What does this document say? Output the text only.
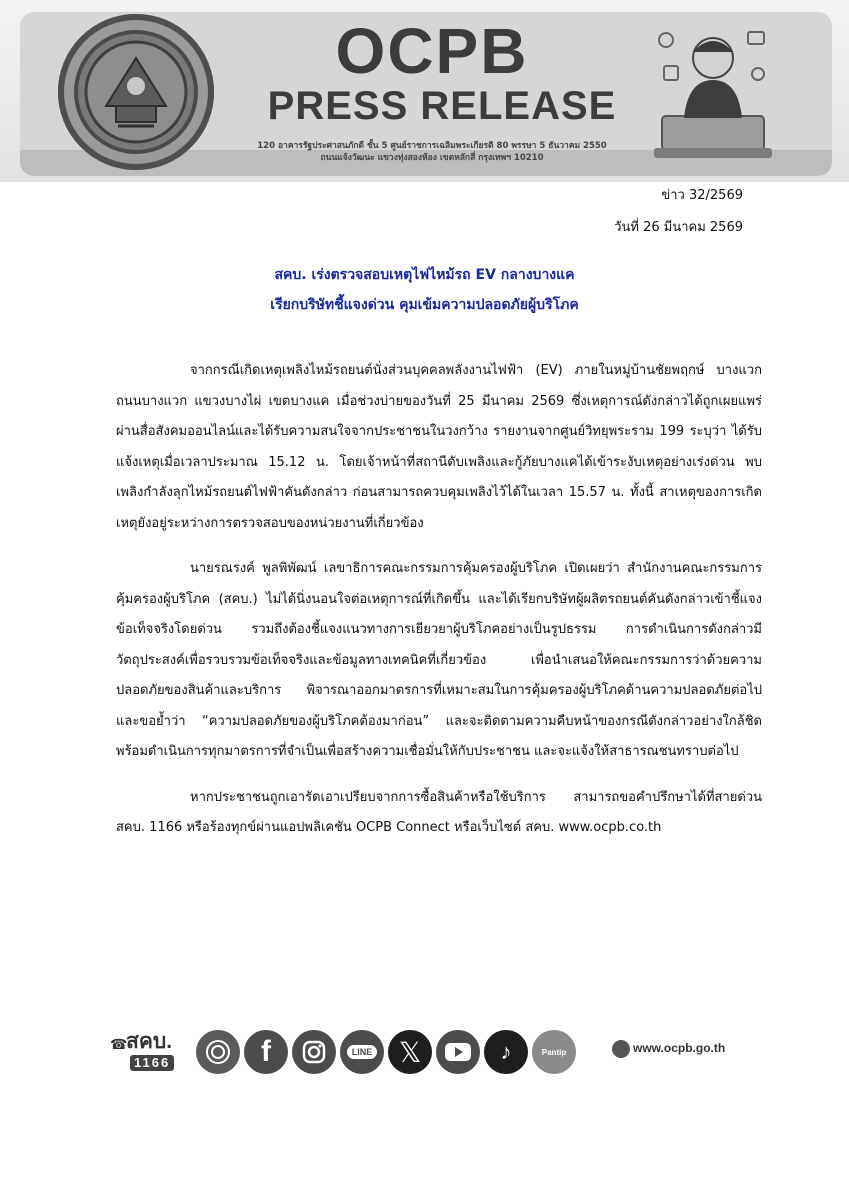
OCPB
PRESS RELEASE
120 อาคารรัฐประศาสนภักดี ชั้น 5 ศูนย์ราชการเฉลิมพระเกียรติ 80 พรรษา 5 ธันวาคม 2550
ถนนแจ้งวัฒนะ แขวงทุ่งสองห้อง เขตหลักสี่ กรุงเทพฯ 10210
ข่าว 32/2569
วันที่ 26 มีนาคม 2569
สคบ. เร่งตรวจสอบเหตุไฟไหม้รถ EV กลางบางแค
เรียกบริษัทชี้แจงด่วน คุมเข้มความปลอดภัยผู้บริโภค

จากกรณีเกิดเหตุเพลิงไหม้รถยนต์นั่งส่วนบุคคลพลังงานไฟฟ้า (EV) ภายในหมู่บ้านชัยพฤกษ์ บางแวก ถนนบางแวก แขวงบางไผ่ เขตบางแค เมื่อช่วงบ่ายของวันที่ 25 มีนาคม 2569 ซึ่งเหตุการณ์ดังกล่าวได้ถูกเผยแพร่ผ่านสื่อสังคมออนไลน์และได้รับความสนใจจากประชาชนในวงกว้าง รายงานจากศูนย์วิทยุพระราม 199 ระบุว่า ได้รับแจ้งเหตุเมื่อเวลาประมาณ 15.12 น. โดยเจ้าหน้าที่สถานีดับเพลิงและกู้ภัยบางแคได้เข้าระงับเหตุอย่างเร่งด่วน พบเพลิงกำลังลุกไหม้รถยนต์ไฟฟ้าคันดังกล่าว ก่อนสามารถควบคุมเพลิงไว้ได้ในเวลา 15.57 น. ทั้งนี้ สาเหตุของการเกิดเหตุยังอยู่ระหว่างการตรวจสอบของหน่วยงานที่เกี่ยวข้อง

นายรณรงค์ พูลพิพัฒน์ เลขาธิการคณะกรรมการคุ้มครองผู้บริโภค เปิดเผยว่า สำนักงานคณะกรรมการคุ้มครองผู้บริโภค (สคบ.) ไม่ได้นิ่งนอนใจต่อเหตุการณ์ที่เกิดขึ้น และได้เรียกบริษัทผู้ผลิตรถยนต์คันดังกล่าวเข้าชี้แจงข้อเท็จจริงโดยด่วน รวมถึงต้องชี้แจงแนวทางการเยียวยาผู้บริโภคอย่างเป็นรูปธรรม การดำเนินการดังกล่าวมีวัตถุประสงค์เพื่อรวบรวมข้อเท็จจริงและข้อมูลทางเทคนิคที่เกี่ยวข้อง เพื่อนำเสนอให้คณะกรรมการว่าด้วยความปลอดภัยของสินค้าและบริการ พิจารณาออกมาตรการที่เหมาะสมในการคุ้มครองผู้บริโภคด้านความปลอดภัยต่อไป และขอย้ำว่า “ความปลอดภัยของผู้บริโภคต้องมาก่อน” และจะติดตามความคืบหน้าของกรณีดังกล่าวอย่างใกล้ชิด พร้อมดำเนินการทุกมาตรการที่จำเป็นเพื่อสร้างความเชื่อมั่นให้กับประชาชน และจะแจ้งให้สาธารณชนทราบต่อไป

หากประชาชนถูกเอารัดเอาเปรียบจากการซื้อสินค้าหรือใช้บริการ สามารถขอคำปรึกษาได้ที่สายด่วน สคบ. 1166 หรือร้องทุกข์ผ่านแอปพลิเคชัน OCPB Connect หรือเว็บไซต์ สคบ. www.ocpb.co.th

☎
สคบ.
1166	f	LINE 𝕏	♪	Pantip	www.ocpb.go.th
